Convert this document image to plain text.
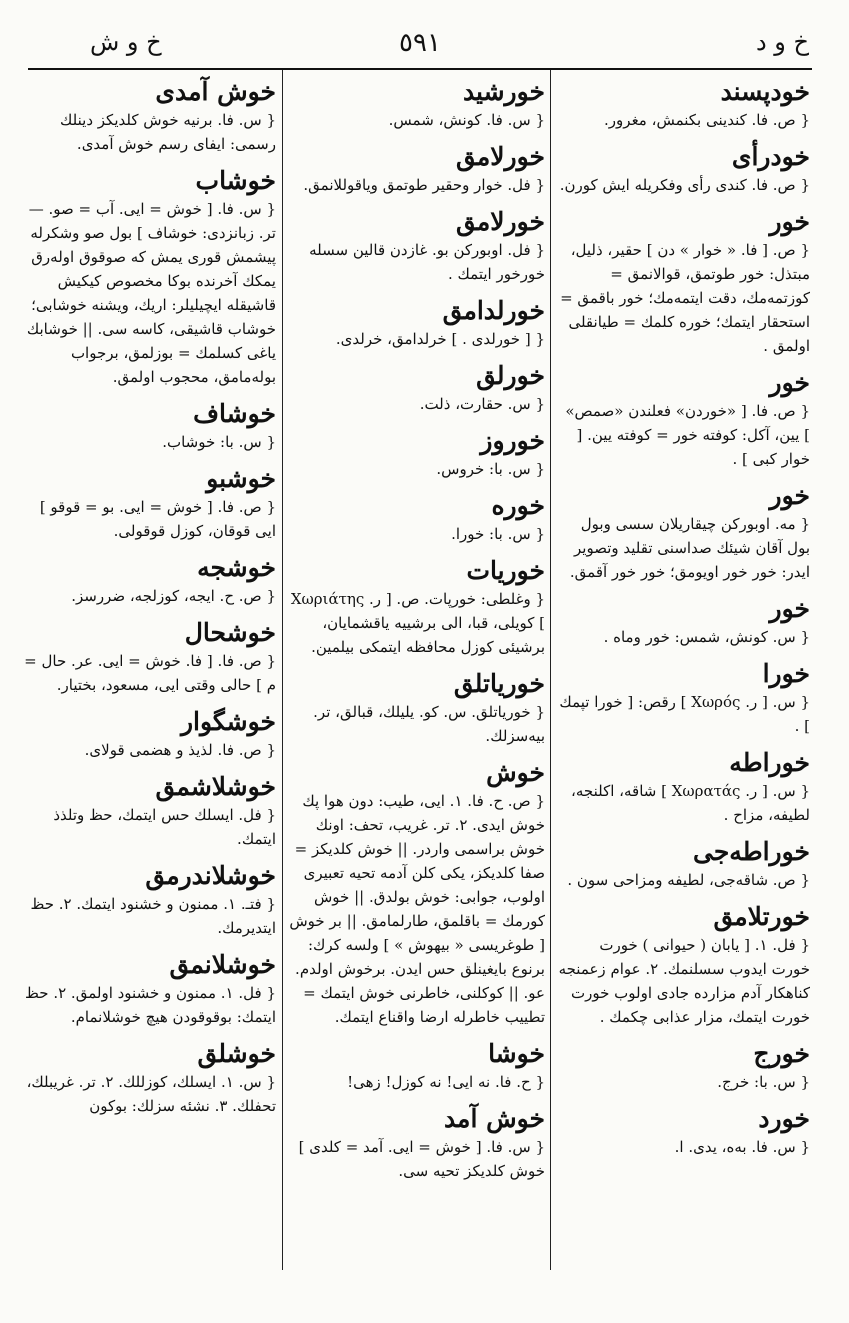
خ و د
٥٩١
خ و ش
خودپسند
{ ص. فا. كندينى بكنمش، مغرور.
خودرأى
{ ص. فا. كندى رأى وفكريله ايش كورن.
خور
{ ص. [ فا. « خوار » دن ] حقير، ذليل، مبتذل: خور طوتمق، قوالانمق = كوزتمەمك، دقت ايتمەمك؛ خور باقمق = استحقار ايتمك؛ خورە كلمك = طيانقلى اولمق .
خور
{ ص. فا. [ «خوردن» فعلندن «صمص» ] يين، آكل: كوفتە خور = كوفتە يين. [ خوار كبى ] .
خور
{ مە. اوبوركن چيقاريلان سسى وبول بول آقان شيئك صداسنى تقليد وتصوير ايدر: خور خور اويومق؛ خور خور آقمق.
خور
{ س. كونش، شمس: خور وماه .
خورا
{ س. [ ر. Χωρός ] رقص: [ خورا تپمك ] .
خوراطه
{ س. [ ر. Χωρατάς ] شاقه، اكلنجه، لطيفه، مزاح .
خوراطەجى
{ ص. شاقەجى، لطيفه ومزاحى سون .
خورتلامق
{ فل. ١. [ يابان ( حيوانى ) خورت خورت ايدوب سسلنمك. ٢. عوام زعمنجه كناهكار آدم مزارده جادى اولوب خورت خورت ايتمك، مزار عذابى چكمك .
خورج
{ س. با: خرج.
خورد
{ س. فا. بەه، يدى. ا.
خورشيد
{ س. فا. كونش، شمس.
خورلامق
{ فل. خوار وحقير طوتمق وياقوللانمق.
خورلامق
{ فل. اوبوركن بو. غازدن قالين سسله خورخور ايتمك .
خورلدامق
{ [ خورلدى . ] خرلدامق، خرلدى.
خورلق
{ س. حقارت، ذلت.
خوروز
{ س. با: خروس.
خوره
{ س. با: خورا.
خوريات
{ وغلطى: خورپات. ص. [ ر. Χωριάτης ] كويلى، قبا، الى برشييه ياقشمايان، برشيئى كوزل محافظه ايتمكى بيلمين.
خورياتلق
{ خورياتلق. س. كو. يليلك، قبالق، تر. بيەسزلك.
خوش
{ ص. ح. فا. ١. ايى، طيب: دون هوا پك خوش ايدى. ٢. تر. غريب، تحف: اونك خوش براسمى واردر. || خوش كلديكز = صفا كلديكز، يكى كلن آدمه تحيه تعبيرى اولوب، جوابى: خوش بولدق. || خوش كورمك = باقلمق، طارلمامق. || بر خوش [ طوغريسى « بيهوش » ] ولسه كرك: برنوع بايغينلق حس ايدن. برخوش اولدم. عو. || كوكلنى، خاطرنى خوش ايتمك = تطييب خاطرله ارضا واقناع ايتمك.
خوشا
{ ح. فا. نه ايى! نه كوزل! زهى!
خوش آمد
{ س. فا. [ خوش = ايى. آمد = كلدى ] خوش كلديكز تحيه سى.
خوش آمدى
{ س. فا. برنيه خوش كلديكز دينلك رسمى: ايفاى رسم خوش آمدى.
خوشاب
{ س. فا. [ خوش = ايى. آب = صو. — تر. زبانزدى: خوشاف ] بول صو وشكرله پيشمش قورى يمش كه صوقوق اولەرق يمكك آخرنده بوكا مخصوص كيكيش قاشيقله ايچيليلر: اريك، ويشنه خوشابى؛ خوشاب قاشيقى، كاسه سى. || خوشابك ياغى كسلمك = بوزلمق، برجواب بولەمامق، محجوب اولمق.
خوشاف
{ س. با: خوشاب.
خوشبو
{ ص. فا. [ خوش = ايى. بو = قوقو ] ايى قوقان، كوزل قوقولى.
خوشجه
{ ص. ح. ايجه، كوزلجه، ضررسز.
خوشحال
{ ص. فا. [ فا. خوش = ايى. عر. حال = م ] حالى وقتى ايى، مسعود، بختيار.
خوشگوار
{ ص. فا. لذيذ و هضمى قولاى.
خوشلاشمق
{ فل. ايسلك حس ايتمك، حظ وتلذذ ايتمك.
خوشلاندرمق
{ فتـ. ١. ممنون و خشنود ايتمك. ٢. حظ ايتديرمك.
خوشلانمق
{ فل. ١. ممنون و خشنود اولمق. ٢. حظ ايتمك: بوقوقودن هيچ خوشلانمام.
خوشلق
{ س. ١. ايسلك، كوزللك. ٢. تر. غريبلك، تحفلك. ٣. نشئه سزلك: بوكون
